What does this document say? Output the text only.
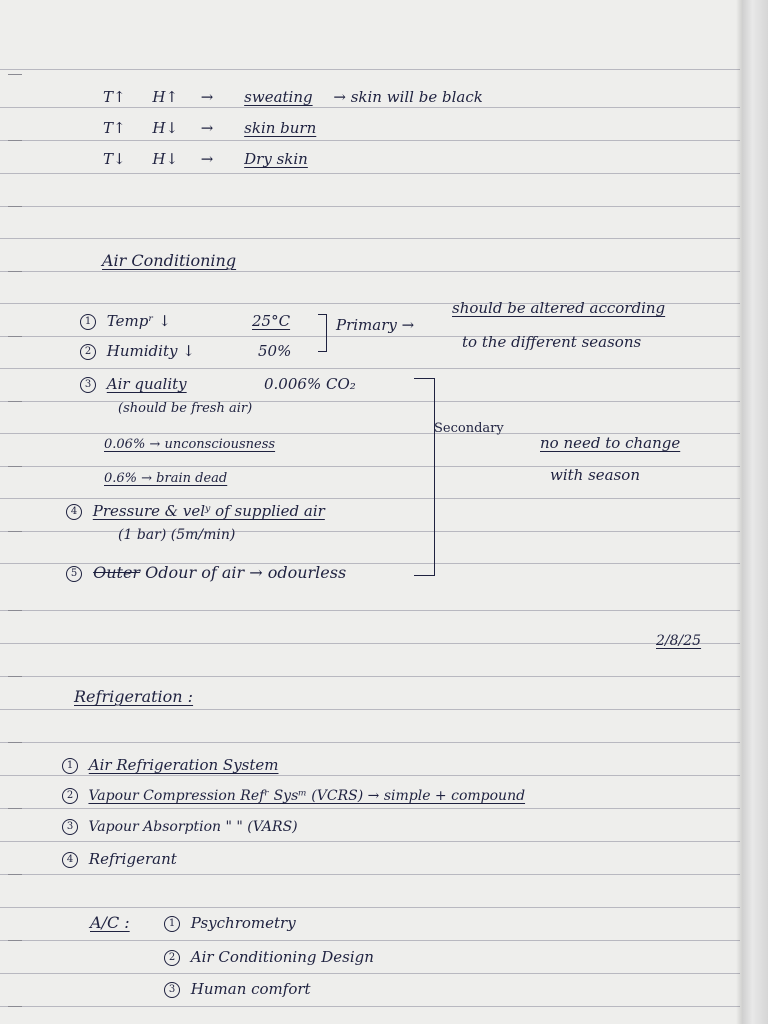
T↑ H↑ → sweating → skin will be black
T↑ H↓ → skin burn
T↓ H↓ → Dry skin
Air Conditioning
1 Tempʳ ↓	25°C
2 Humidity ↓	50%
Primary →
should be altered according
to the different seasons
3 Air quality	0.006% CO₂
(should be fresh air)
0.06% → unconsciousness
0.6% → brain dead
4 Pressure & velʸ of supplied air
(1 bar) (5m/min)
5 Outer Odour of air → odourless
Secondary
no need to change
with season
2/8/25
Refrigeration :
1 Air Refrigeration System
2 Vapour Compression Refʳ Sysᵐ (VCRS) → simple + compound
3 Vapour Absorption " " (VARS)
4 Refrigerant
A/C :	1 Psychrometry
2 Air Conditioning Design
3 Human comfort
